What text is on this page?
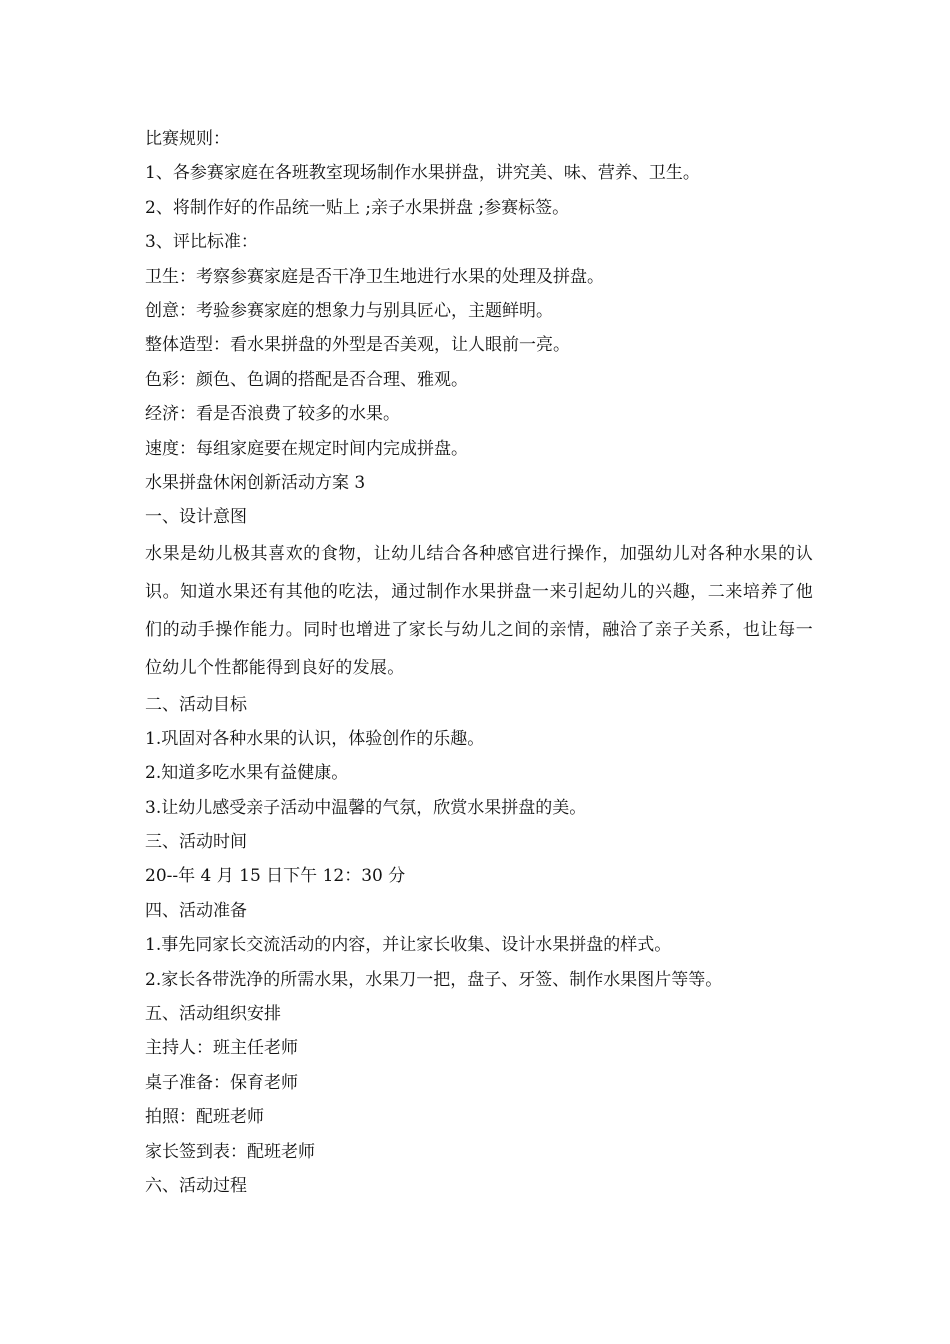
比赛规则：

1、各参赛家庭在各班教室现场制作水果拼盘，讲究美、味、营养、卫生。

2、将制作好的作品统一贴上 ;亲子水果拼盘 ;参赛标签。

3、评比标准：

卫生：考察参赛家庭是否干净卫生地进行水果的处理及拼盘。

创意：考验参赛家庭的想象力与别具匠心，主题鲜明。

整体造型：看水果拼盘的外型是否美观，让人眼前一亮。

色彩：颜色、色调的搭配是否合理、雅观。

经济：看是否浪费了较多的水果。

速度：每组家庭要在规定时间内完成拼盘。

水果拼盘休闲创新活动方案 3

一、设计意图

水果是幼儿极其喜欢的食物，让幼儿结合各种感官进行操作，加强幼儿对各种水果的认识。知道水果还有其他的吃法，通过制作水果拼盘一来引起幼儿的兴趣，二来培养了他们的动手操作能力。同时也增进了家长与幼儿之间的亲情，融洽了亲子关系，也让每一位幼儿个性都能得到良好的发展。

二、活动目标

1.巩固对各种水果的认识，体验创作的乐趣。

2.知道多吃水果有益健康。

3.让幼儿感受亲子活动中温馨的气氛，欣赏水果拼盘的美。

三、活动时间

20--年 4 月 15 日下午 12：30 分

四、活动准备

1.事先同家长交流活动的内容，并让家长收集、设计水果拼盘的样式。

2.家长各带洗净的所需水果，水果刀一把，盘子、牙签、制作水果图片等等。

五、活动组织安排

主持人：班主任老师

桌子准备：保育老师

拍照：配班老师

家长签到表：配班老师

六、活动过程
